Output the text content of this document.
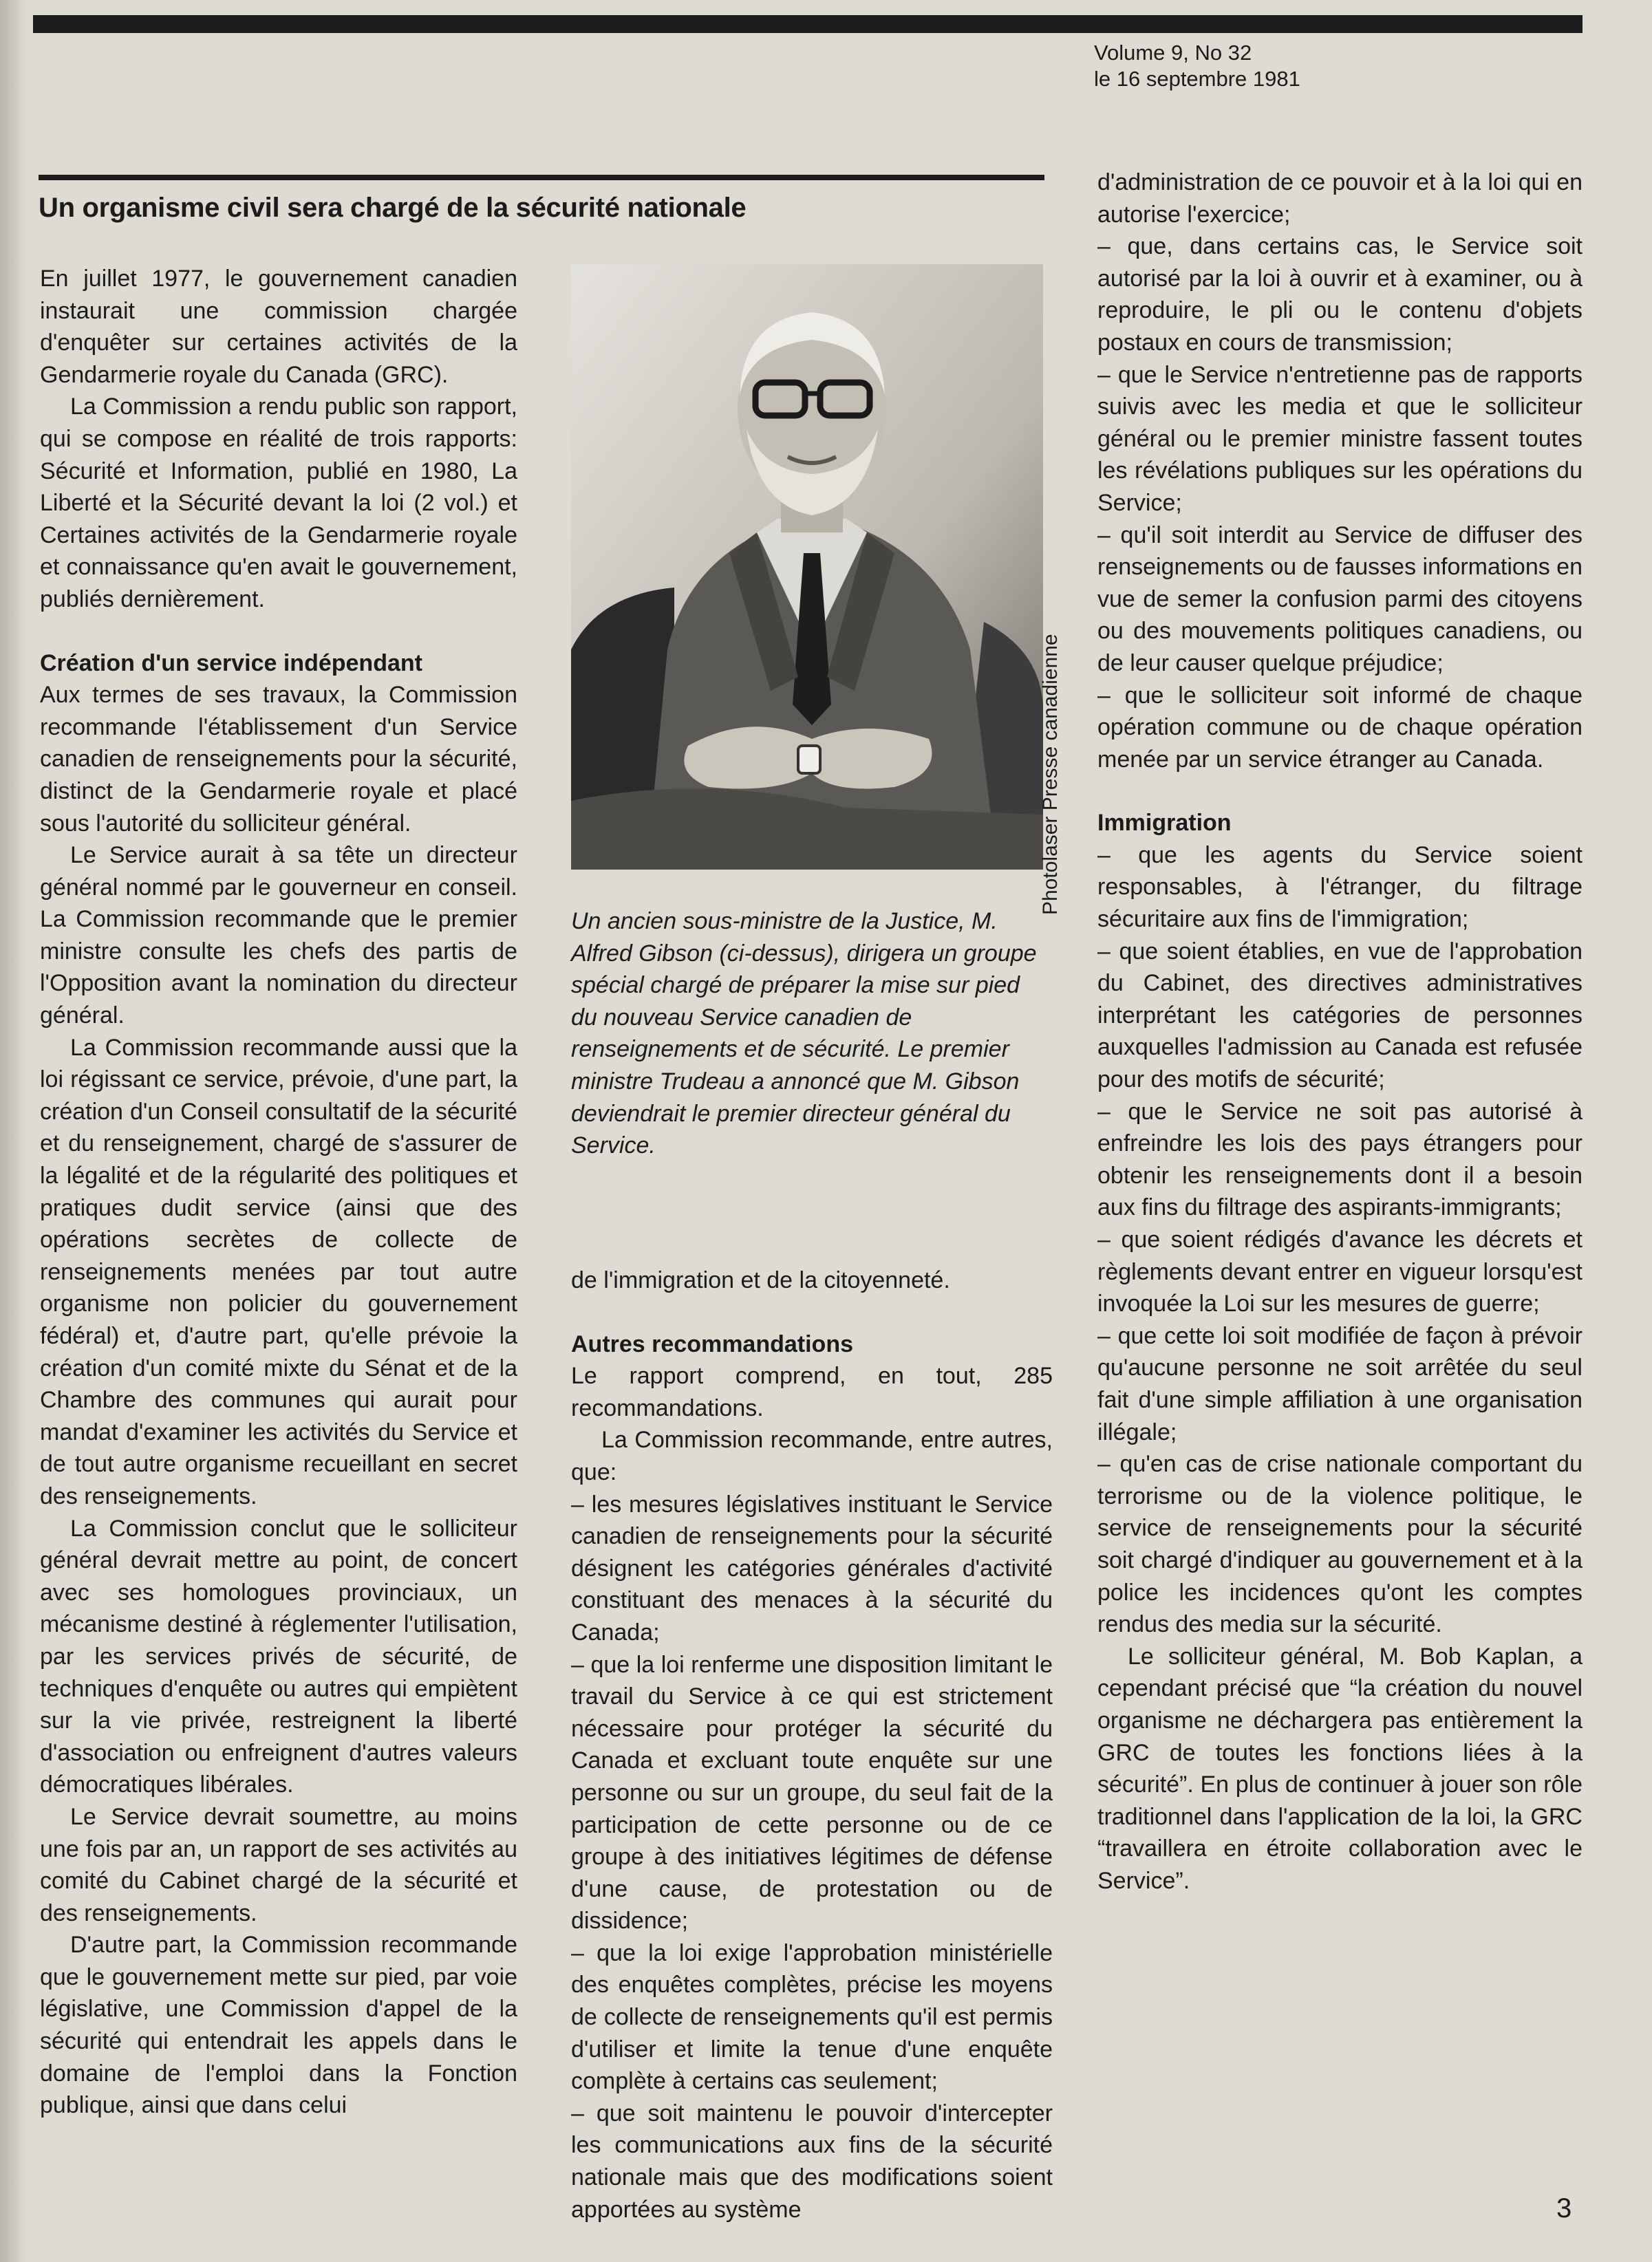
Volume 9, No 32
le 16 septembre 1981
Un organisme civil sera chargé de la sécurité nationale

En juillet 1977, le gouvernement canadien instaurait une commission chargée d'enquêter sur certaines activités de la Gendarmerie royale du Canada (GRC).

La Commission a rendu public son rapport, qui se compose en réalité de trois rapports: Sécurité et Information, publié en 1980, La Liberté et la Sécurité devant la loi (2 vol.) et Certaines activités de la Gendarmerie royale et connaissance qu'en avait le gouvernement, publiés dernièrement.

Création d'un service indépendant

Aux termes de ses travaux, la Commission recommande l'établissement d'un Service canadien de renseignements pour la sécurité, distinct de la Gendarmerie royale et placé sous l'autorité du solliciteur général.

Le Service aurait à sa tête un directeur général nommé par le gouverneur en conseil. La Commission recommande que le premier ministre consulte les chefs des partis de l'Opposition avant la nomination du directeur général.

La Commission recommande aussi que la loi régissant ce service, prévoie, d'une part, la création d'un Conseil consultatif de la sécurité et du renseignement, chargé de s'assurer de la légalité et de la régularité des politiques et pratiques dudit service (ainsi que des opérations secrètes de collecte de renseignements menées par tout autre organisme non policier du gouvernement fédéral) et, d'autre part, qu'elle prévoie la création d'un comité mixte du Sénat et de la Chambre des communes qui aurait pour mandat d'examiner les activités du Service et de tout autre organisme recueillant en secret des renseignements.

La Commission conclut que le solliciteur général devrait mettre au point, de concert avec ses homologues provinciaux, un mécanisme destiné à réglementer l'utilisation, par les services privés de sécurité, de techniques d'enquête ou autres qui empiètent sur la vie privée, restreignent la liberté d'association ou enfreignent d'autres valeurs démocratiques libérales.

Le Service devrait soumettre, au moins une fois par an, un rapport de ses activités au comité du Cabinet chargé de la sécurité et des renseignements.

D'autre part, la Commission recommande que le gouvernement mette sur pied, par voie législative, une Commission d'appel de la sécurité qui entendrait les appels dans le domaine de l'emploi dans la Fonction publique, ainsi que dans celui

Photolaser Presse canadienne
Un ancien sous-ministre de la Justice, M. Alfred Gibson (ci-dessus), dirigera un groupe spécial chargé de préparer la mise sur pied du nouveau Service canadien de renseignements et de sécurité. Le premier ministre Trudeau a annoncé que M. Gibson deviendrait le premier directeur général du Service.

de l'immigration et de la citoyenneté.

Autres recommandations

Le rapport comprend, en tout, 285 recommandations.

La Commission recommande, entre autres, que:

– les mesures législatives instituant le Service canadien de renseignements pour la sécurité désignent les catégories générales d'activité constituant des menaces à la sécurité du Canada;

– que la loi renferme une disposition limitant le travail du Service à ce qui est strictement nécessaire pour protéger la sécurité du Canada et excluant toute enquête sur une personne ou sur un groupe, du seul fait de la participation de cette personne ou de ce groupe à des initiatives légitimes de défense d'une cause, de protestation ou de dissidence;

– que la loi exige l'approbation ministérielle des enquêtes complètes, précise les moyens de collecte de renseignements qu'il est permis d'utiliser et limite la tenue d'une enquête complète à certains cas seulement;

– que soit maintenu le pouvoir d'intercepter les communications aux fins de la sécurité nationale mais que des modifications soient apportées au système

d'administration de ce pouvoir et à la loi qui en autorise l'exercice;

– que, dans certains cas, le Service soit autorisé par la loi à ouvrir et à examiner, ou à reproduire, le pli ou le contenu d'objets postaux en cours de transmission;

– que le Service n'entretienne pas de rapports suivis avec les media et que le solliciteur général ou le premier ministre fassent toutes les révélations publiques sur les opérations du Service;

– qu'il soit interdit au Service de diffuser des renseignements ou de fausses informations en vue de semer la confusion parmi des citoyens ou des mouvements politiques canadiens, ou de leur causer quelque préjudice;

– que le solliciteur soit informé de chaque opération commune ou de chaque opération menée par un service étranger au Canada.

Immigration

– que les agents du Service soient responsables, à l'étranger, du filtrage sécuritaire aux fins de l'immigration;

– que soient établies, en vue de l'approbation du Cabinet, des directives administratives interprétant les catégories de personnes auxquelles l'admission au Canada est refusée pour des motifs de sécurité;

– que le Service ne soit pas autorisé à enfreindre les lois des pays étrangers pour obtenir les renseignements dont il a besoin aux fins du filtrage des aspirants-immigrants;

– que soient rédigés d'avance les décrets et règlements devant entrer en vigueur lorsqu'est invoquée la Loi sur les mesures de guerre;

– que cette loi soit modifiée de façon à prévoir qu'aucune personne ne soit arrêtée du seul fait d'une simple affiliation à une organisation illégale;

– qu'en cas de crise nationale comportant du terrorisme ou de la violence politique, le service de renseignements pour la sécurité soit chargé d'indiquer au gouvernement et à la police les incidences qu'ont les comptes rendus des media sur la sécurité.

Le solliciteur général, M. Bob Kaplan, a cependant précisé que “la création du nouvel organisme ne déchargera pas entièrement la GRC de toutes les fonctions liées à la sécurité”. En plus de continuer à jouer son rôle traditionnel dans l'application de la loi, la GRC “travaillera en étroite collaboration avec le Service”.

3
